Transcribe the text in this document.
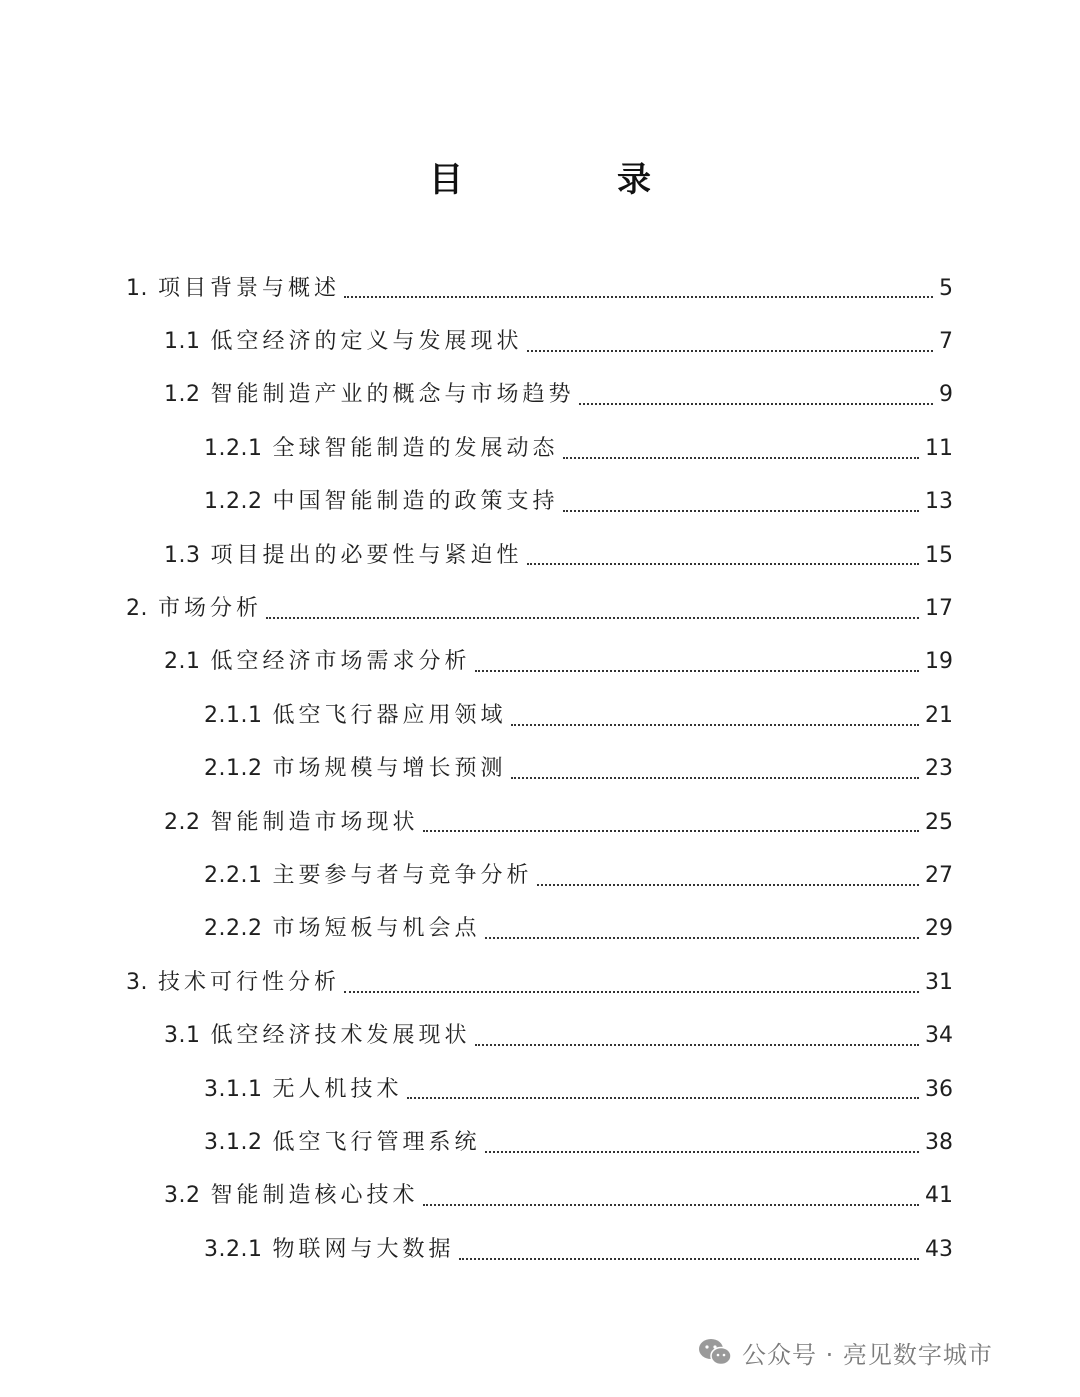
目　录
1. 项目背景与概述	5
1.1 低空经济的定义与发展现状	7
1.2 智能制造产业的概念与市场趋势	9
1.2.1 全球智能制造的发展动态	11
1.2.2 中国智能制造的政策支持	13
1.3 项目提出的必要性与紧迫性	15
2. 市场分析	17
2.1 低空经济市场需求分析	19
2.1.1 低空飞行器应用领域	21
2.1.2 市场规模与增长预测	23
2.2 智能制造市场现状	25
2.2.1 主要参与者与竞争分析	27
2.2.2 市场短板与机会点	29
3. 技术可行性分析	31
3.1 低空经济技术发展现状	34
3.1.1 无人机技术	36
3.1.2 低空飞行管理系统	38
3.2 智能制造核心技术	41
3.2.1 物联网与大数据	43
公众号 · 亮见数字城市
